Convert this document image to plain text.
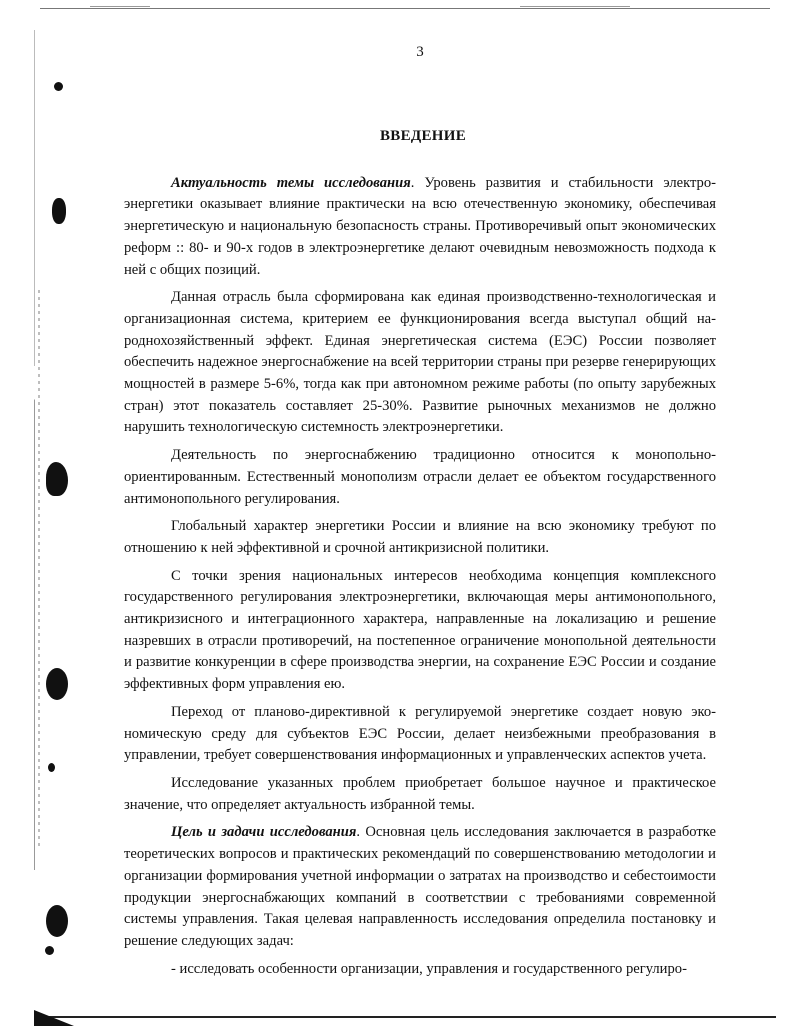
3
ВВЕДЕНИЕ

Актуальность темы исследования. Уровень развития и стабильности электроэнергетики оказывает влияние практически на всю отечественную экономику, обеспечивая энергетическую и национальную безопасность страны. Противоречивый опыт экономических реформ :: 80- и 90-х годов в электроэнергетике делают очевидным невозможность подхода к ней с общих позиций.

Данная отрасль была сформирована как единая производственно-технологическая и организационная система, критерием ее функционирования всегда выступал общий народнохозяйственный эффект. Единая энергетическая система (ЕЭС) России позволяет обеспечить надежное энергоснабжение на всей территории страны при резерве генерирующих мощностей в размере 5-6%, тогда как при автономном режиме работы (по опыту зарубежных стран) этот показатель составляет 25-30%. Развитие рыночных механизмов не должно нарушить технологическую системность электроэнергетики.

Деятельность по энергоснабжению традиционно относится к монопольно-ориентированным. Естественный монополизм отрасли делает ее объектом государственного антимонопольного регулирования.

Глобальный характер энергетики России и влияние на всю экономику требуют по отношению к ней эффективной и срочной антикризисной политики.

С точки зрения национальных интересов необходима концепция комплексного государственного регулирования электроэнергетики, включающая меры антимонопольного, антикризисного и интеграционного характера, направленные на локализацию и решение назревших в отрасли противоречий, на постепенное ограничение монопольной деятельности и развитие конкуренции в сфере производства энергии, на сохранение ЕЭС России и создание эффективных форм управления ею.

Переход от планово-директивной к регулируемой энергетике создает новую экономическую среду для субъектов ЕЭС России, делает неизбежными преобразования в управлении, требует совершенствования информационных и управленческих аспектов учета.

Исследование указанных проблем приобретает большое научное и практическое значение, что определяет актуальность избранной темы.

Цель и задачи исследования. Основная цель исследования заключается в разработке теоретических вопросов и практических рекомендаций по совершенствованию методологии и организации формирования учетной информации о затратах на производство и себестоимости продукции энергоснабжающих компаний в соответствии с требованиями современной системы управления. Такая целевая направленность исследования определила постановку и решение следующих задач:

- исследовать особенности организации, управления и государственного регулиро-
